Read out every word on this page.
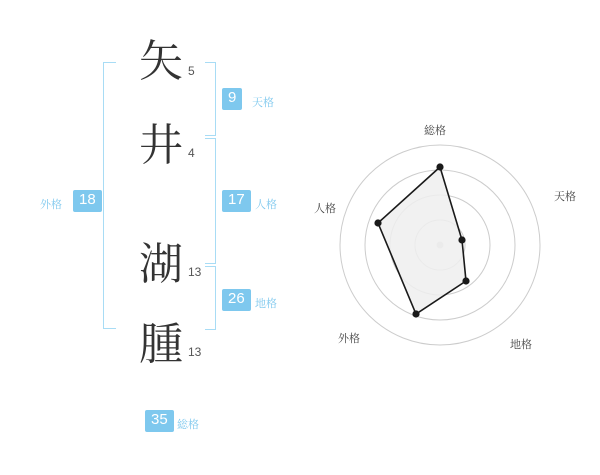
矢 5
井 4
湖 13
腫 13
9	天格
17 人格
26 地格
外格	18
35 総格
総格
天格
地格
外格
人格
